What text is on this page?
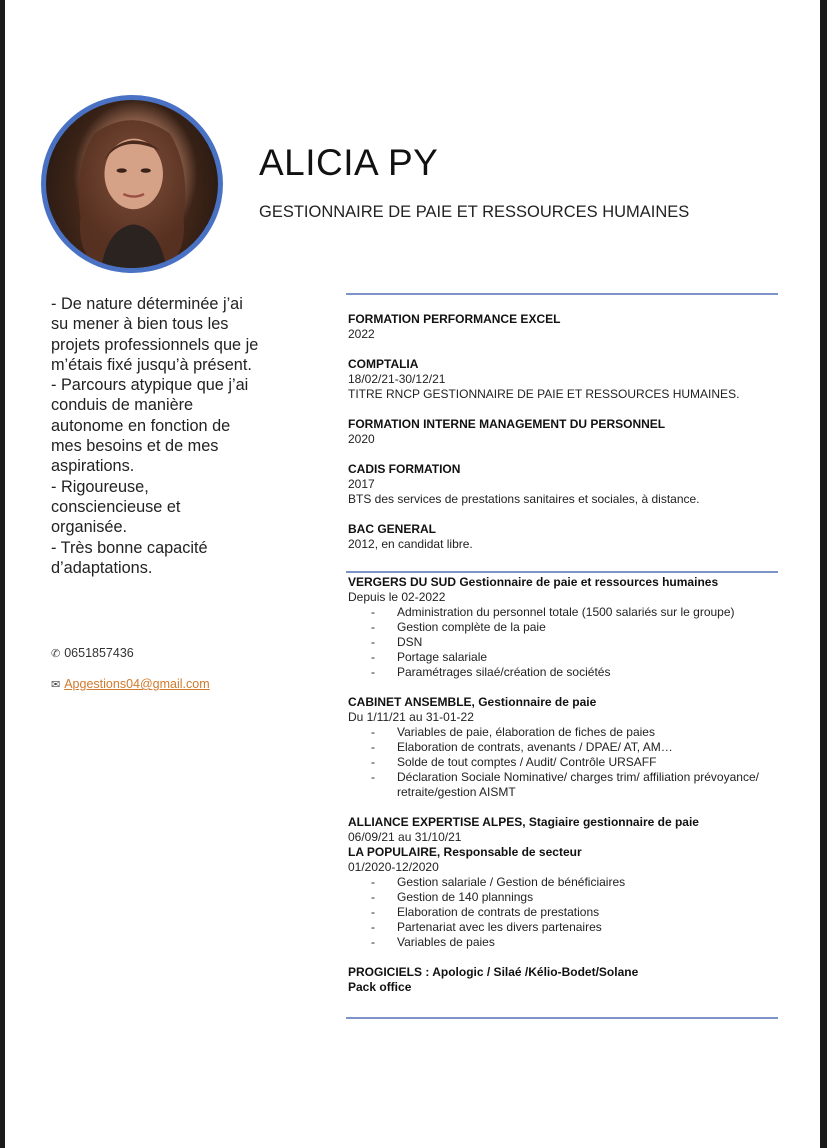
ALICIA PY
GESTIONNAIRE DE PAIE ET RESSOURCES HUMAINES
- De nature déterminée j’ai
su mener à bien tous les
projets professionnels que je
m’étais fixé jusqu’à présent.
- Parcours atypique que j’ai
conduis de manière
autonome en fonction de
mes besoins et de mes
aspirations.
- Rigoureuse,
consciencieuse et
organisée.
- Très bonne capacité
d’adaptations.
✆ 0651857436
✉ Apgestions04@gmail.com
FORMATION PERFORMANCE EXCEL
2022
COMPTALIA
18/02/21-30/12/21
TITRE RNCP GESTIONNAIRE DE PAIE ET RESSOURCES HUMAINES.
FORMATION INTERNE MANAGEMENT DU PERSONNEL
2020
CADIS FORMATION
2017
BTS des services de prestations sanitaires et sociales, à distance.
BAC GENERAL
2012, en candidat libre.
VERGERS DU SUD Gestionnaire de paie et ressources humaines
Depuis le 02-2022
- Administration du personnel totale (1500 salariés sur le groupe)
- Gestion complète de la paie
- DSN
- Portage salariale
- Paramétrages silaé/création de sociétés
CABINET ANSEMBLE, Gestionnaire de paie
Du 1/11/21 au 31-01-22
- Variables de paie, élaboration de fiches de paies
- Elaboration de contrats, avenants / DPAE/ AT, AM…
- Solde de tout comptes / Audit/ Contrôle URSAFF
- Déclaration Sociale Nominative/ charges trim/ affiliation prévoyance/ retraite/gestion AISMT
ALLIANCE EXPERTISE ALPES, Stagiaire gestionnaire de paie
06/09/21 au 31/10/21
LA POPULAIRE, Responsable de secteur
01/2020-12/2020
- Gestion salariale / Gestion de bénéficiaires
- Gestion de 140 plannings
- Elaboration de contrats de prestations
- Partenariat avec les divers partenaires
- Variables de paies
PROGICIELS : Apologic / Silaé /Kélio-Bodet/Solane
Pack office
